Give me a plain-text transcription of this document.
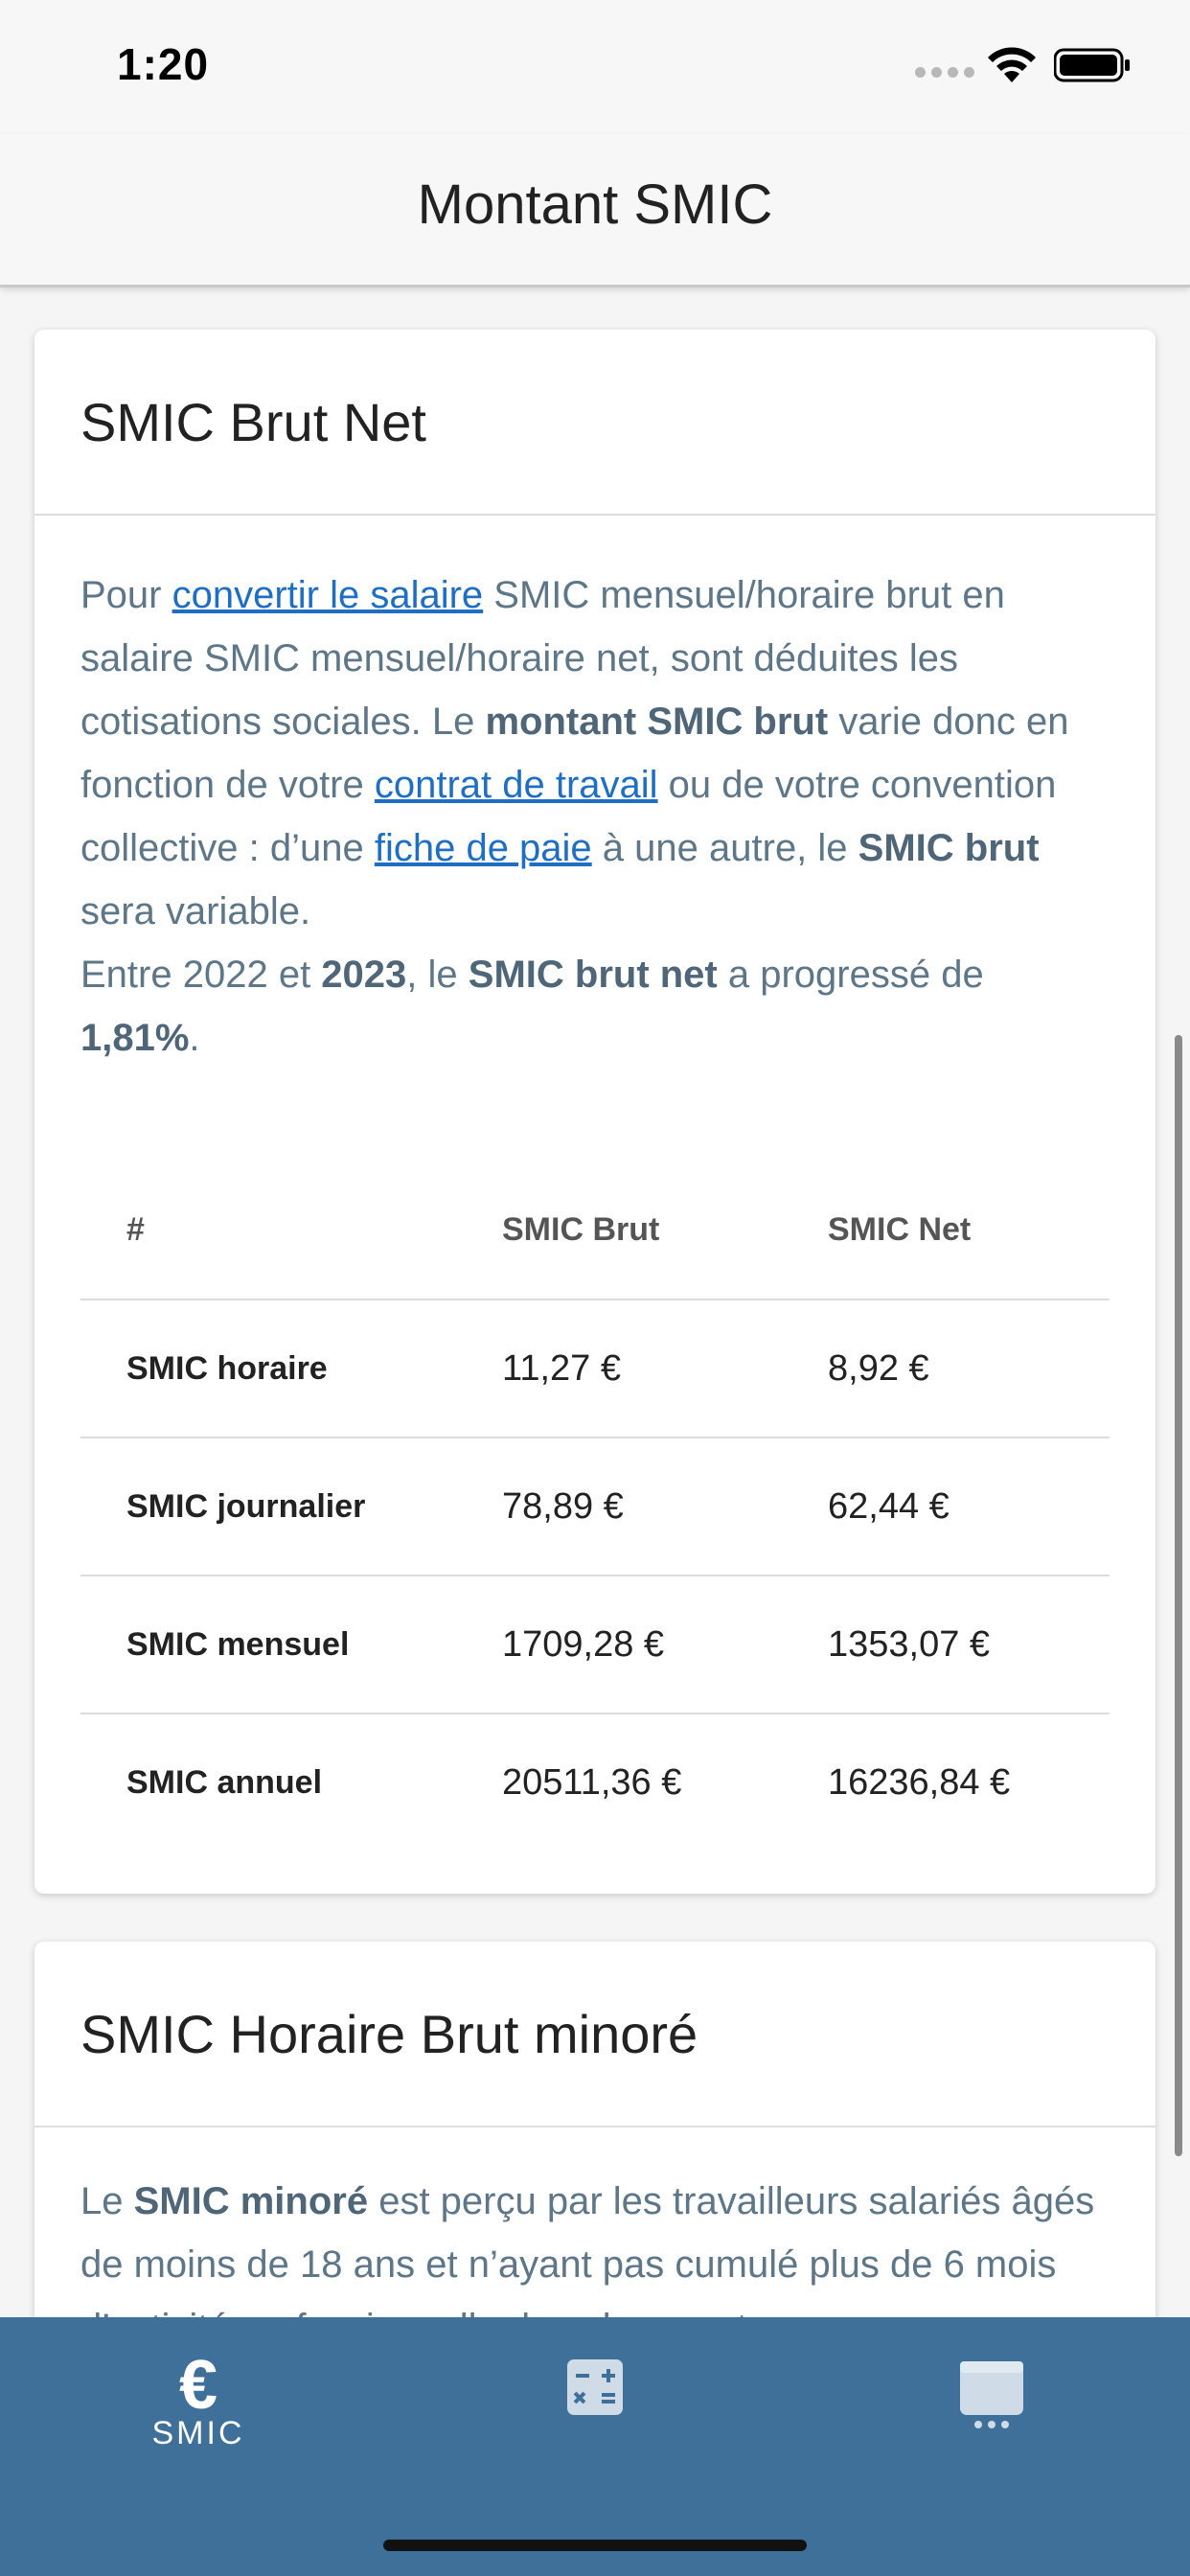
1:20
Montant SMIC
SMIC Brut Net

Pour convertir le salaire SMIC mensuel/horaire brut en salaire SMIC mensuel/horaire net, sont déduites les cotisations sociales. Le montant SMIC brut varie donc en fonction de votre contrat de travail ou de votre convention collective : d’une fiche de paie à une autre, le SMIC brut sera variable.

Entre 2022 et 2023, le SMIC brut net a progressé de 1,81%.

#	SMIC Brut	SMIC Net
SMIC horaire	11,27 €	8,92 €
SMIC journalier	78,89 €	62,44 €
SMIC mensuel	1709,28 €	1353,07 €
SMIC annuel	20511,36 €	16236,84 €
SMIC Horaire Brut minoré

Le SMIC minoré est perçu par les travailleurs salariés âgés de moins de 18 ans et n’ayant pas cumulé plus de 6 mois

€
SMIC
